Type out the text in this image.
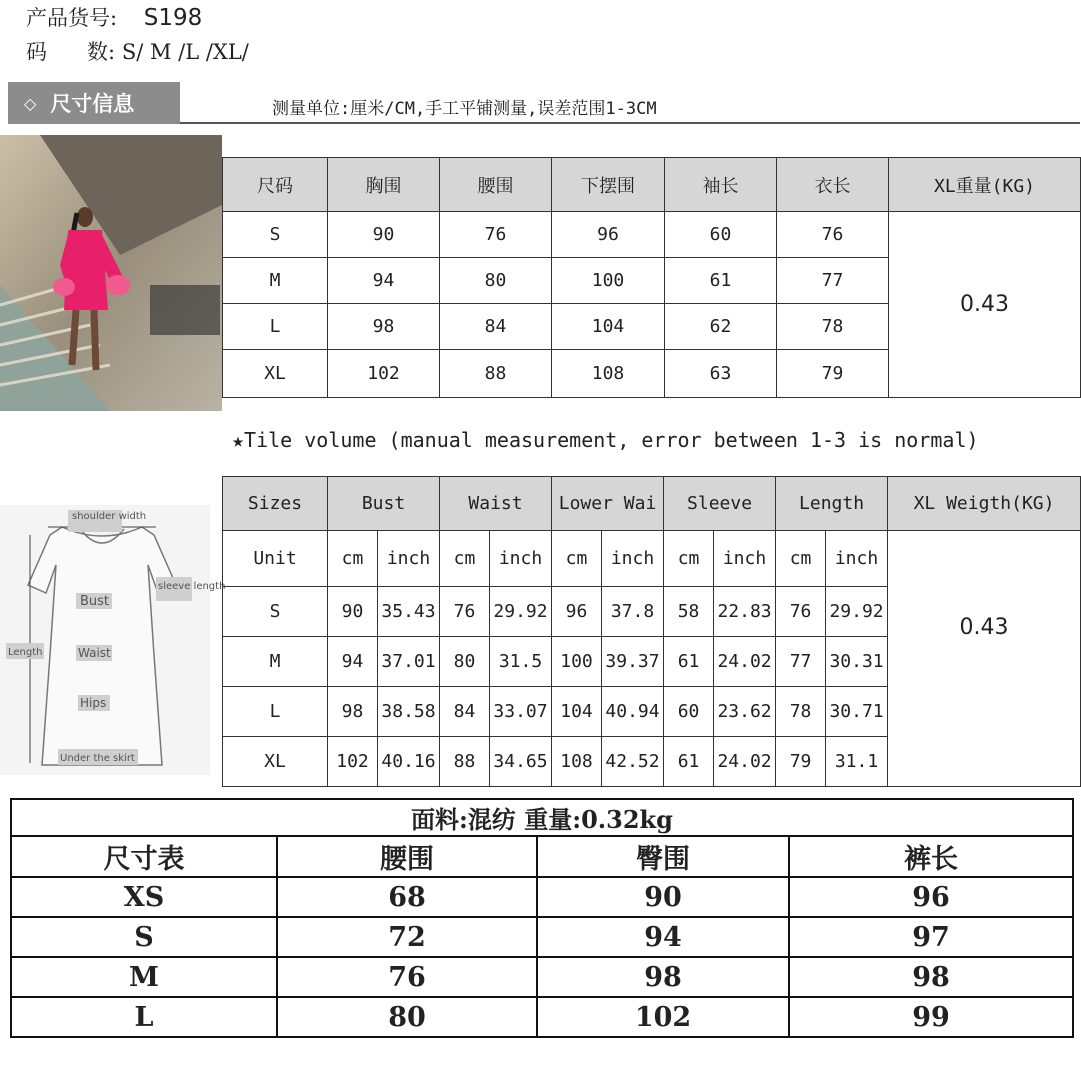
产品货号: S198
码      数: S/ M /L /XL/
◇ 尺寸信息	测量单位:厘米/CM,手工平铺测量,误差范围1-3CM
尺码	胸围	腰围	下摆围	袖长	衣长	XL重量(KG)
S	90	76	96	60	76	0.43
M	94	80	100	61	77	
L	98	84	104	62	78	
XL	102	88	108	63	79	
★Tile volume (manual measurement, error between 1-3 is normal)
shoulder width
sleeve length
Bust
Length	Waist
Hips
Under the skirt
Sizes	Bust		Waist		Lower Wai		Sleeve		Length		XL Weigth(KG)
Unit	cm	inch	cm	inch	cm	inch	cm	inch	cm	inch	0.43
S	90	35.43	76	29.92	96	37.8	58	22.83	76	29.92	
M	94	37.01	80	31.5	100	39.37	61	24.02	77	30.31	
L	98	38.58	84	33.07	104	40.94	60	23.62	78	30.71	
XL	102	40.16	88	34.65	108	42.52	61	24.02	79	31.1	
面料:混纺 重量:0.32kg			
尺寸表	腰围	臀围	裤长
XS	68	90	96
S	72	94	97
M	76	98	98
L	80	102	99
